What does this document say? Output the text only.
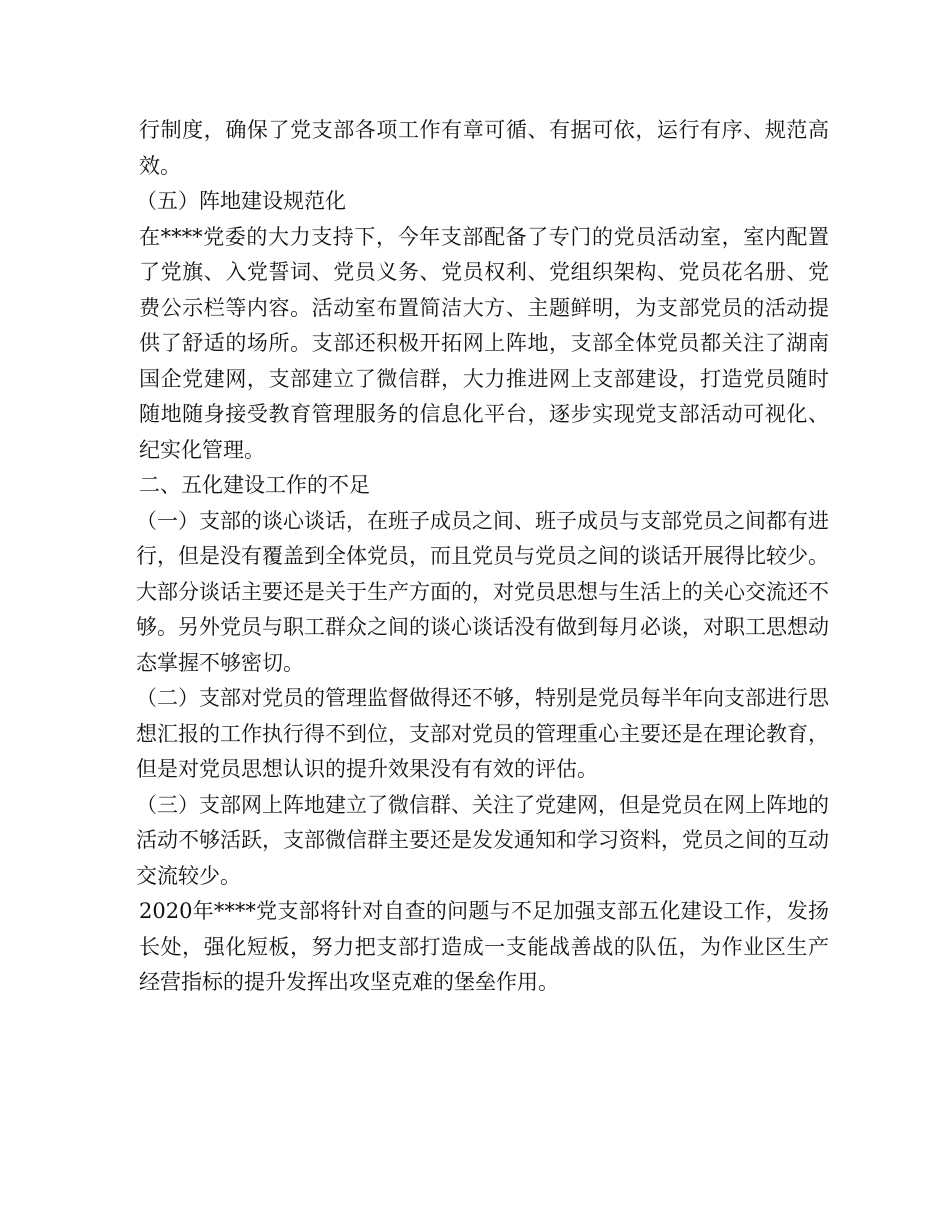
行制度，确保了党支部各项工作有章可循、有据可依，运行有序、规范高效。

（五）阵地建设规范化

在****党委的大力支持下，今年支部配备了专门的党员活动室，室内配置了党旗、入党誓词、党员义务、党员权利、党组织架构、党员花名册、党费公示栏等内容。活动室布置简洁大方、主题鲜明，为支部党员的活动提供了舒适的场所。支部还积极开拓网上阵地，支部全体党员都关注了湖南国企党建网，支部建立了微信群，大力推进网上支部建设，打造党员随时随地随身接受教育管理服务的信息化平台，逐步实现党支部活动可视化、纪实化管理。

二、五化建设工作的不足

（一）支部的谈心谈话，在班子成员之间、班子成员与支部党员之间都有进行，但是没有覆盖到全体党员，而且党员与党员之间的谈话开展得比较少。大部分谈话主要还是关于生产方面的，对党员思想与生活上的关心交流还不够。另外党员与职工群众之间的谈心谈话没有做到每月必谈，对职工思想动态掌握不够密切。

（二）支部对党员的管理监督做得还不够，特别是党员每半年向支部进行思想汇报的工作执行得不到位，支部对党员的管理重心主要还是在理论教育，但是对党员思想认识的提升效果没有有效的评估。

（三）支部网上阵地建立了微信群、关注了党建网，但是党员在网上阵地的活动不够活跃，支部微信群主要还是发发通知和学习资料，党员之间的互动交流较少。

2020年****党支部将针对自查的问题与不足加强支部五化建设工作，发扬长处，强化短板，努力把支部打造成一支能战善战的队伍，为作业区生产经营指标的提升发挥出攻坚克难的堡垒作用。
